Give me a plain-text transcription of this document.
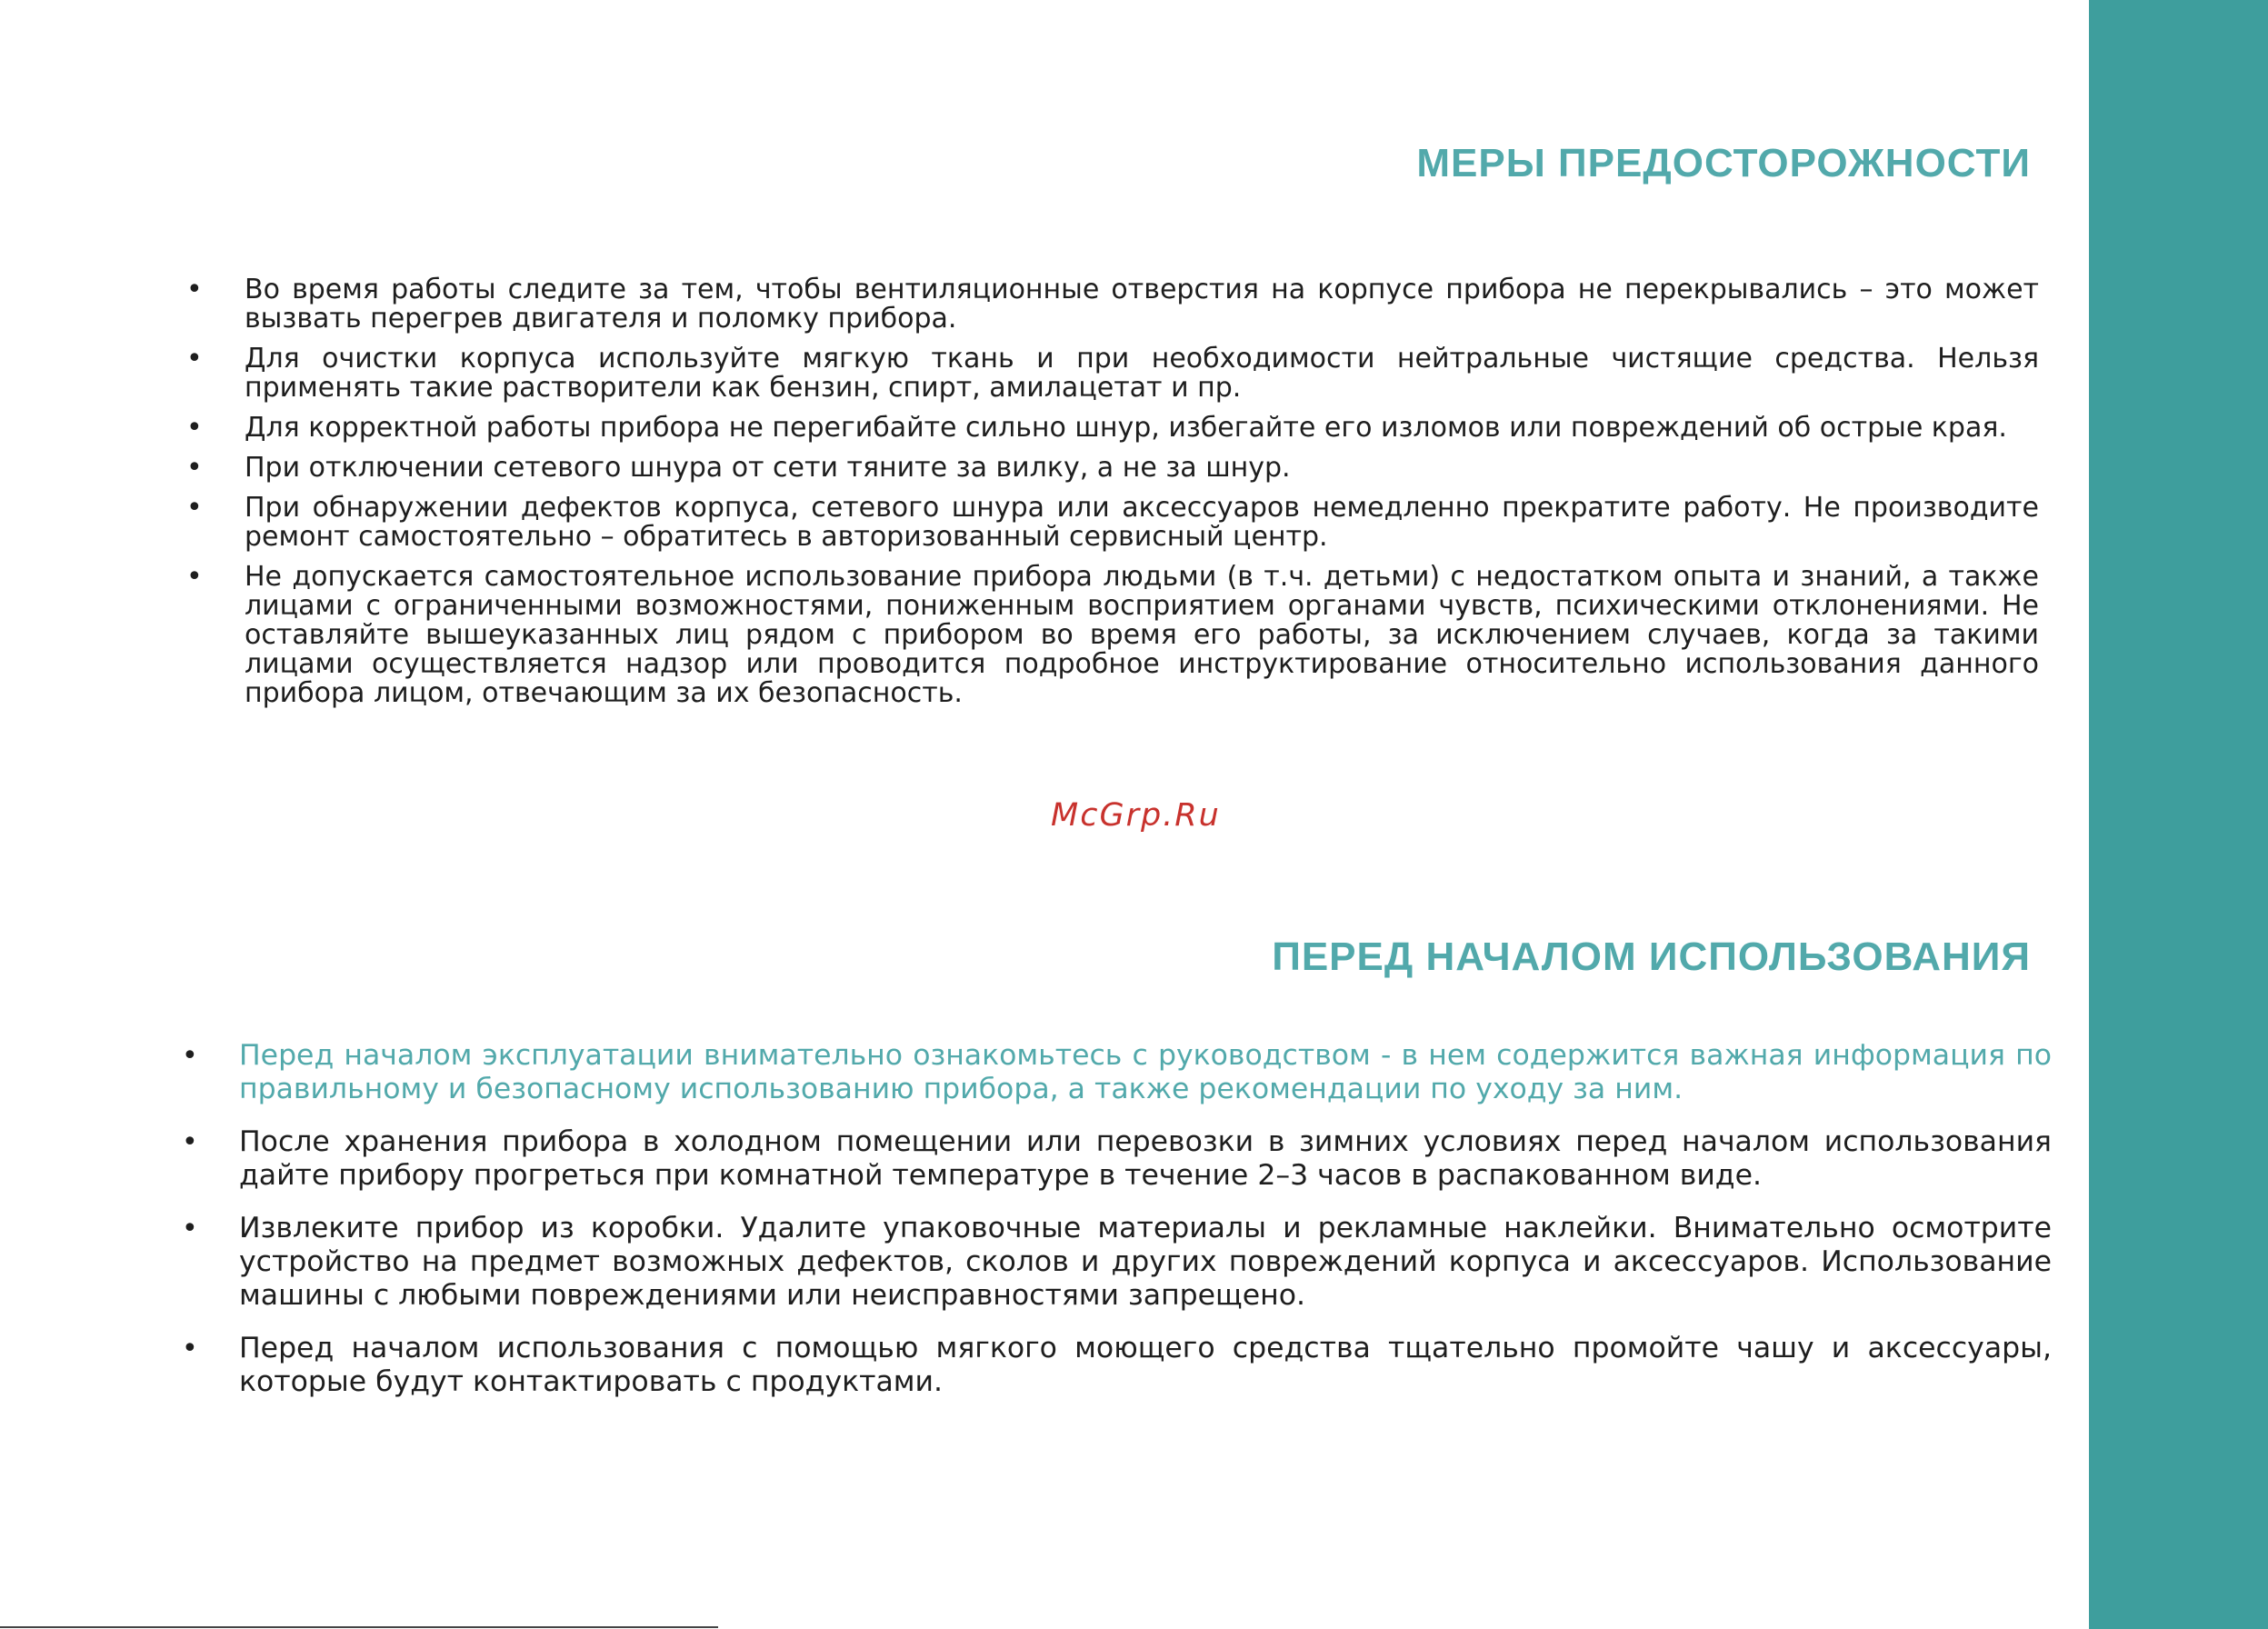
МЕРЫ ПРЕДОСТОРОЖНОСТИ
• Во время работы следите за тем, чтобы вентиляционные отверстия на корпусе прибора не перекрывались – это может вызвать перегрев двигателя и поломку прибора.
• Для очистки корпуса используйте мягкую ткань и при необходимости нейтральные чистящие средства. Нельзя применять такие растворители как бензин, спирт, амилацетат и пр.
• Для корректной работы прибора не перегибайте сильно шнур, избегайте его изломов или повреждений об острые края.
• При отключении сетевого шнура от сети тяните за вилку, а не за шнур.
• При обнаружении дефектов корпуса, сетевого шнура или аксессуаров немедленно прекратите работу. Не производите ремонт самостоятельно – обратитесь в авторизованный сервисный центр.
• Не допускается самостоятельное использование прибора людьми (в т.ч. детьми) с недостатком опыта и знаний, а также лицами с ограниченными возможностями, пониженным восприятием органами чувств, психическими отклонениями. Не оставляйте вышеуказанных лиц рядом с прибором во время его работы, за исключением случаев, когда за такими лицами осуществляется надзор или проводится подробное инструктирование относительно использования данного прибора лицом, отвечающим за их безопасность.
McGrp.Ru
ПЕРЕД НАЧАЛОМ ИСПОЛЬЗОВАНИЯ
• Перед началом эксплуатации внимательно ознакомьтесь с руководством - в нем содержится важная информация по правильному и безопасному использованию прибора, а также рекомендации по уходу за ним.
• После хранения прибора в холодном помещении или перевозки в зимних условиях перед началом использования дайте прибору прогреться при комнатной температуре в течение 2–3 часов в распакованном виде.
• Извлеките прибор из коробки. Удалите упаковочные материалы и рекламные наклейки. Внимательно осмотрите устройство на предмет возможных дефектов, сколов и других повреждений корпуса и аксессуаров. Использование машины с любыми повреждениями или неисправностями запрещено.
• Перед началом использования с помощью мягкого моющего средства тщательно промойте чашу и аксессуары, которые будут контактировать с продуктами.
